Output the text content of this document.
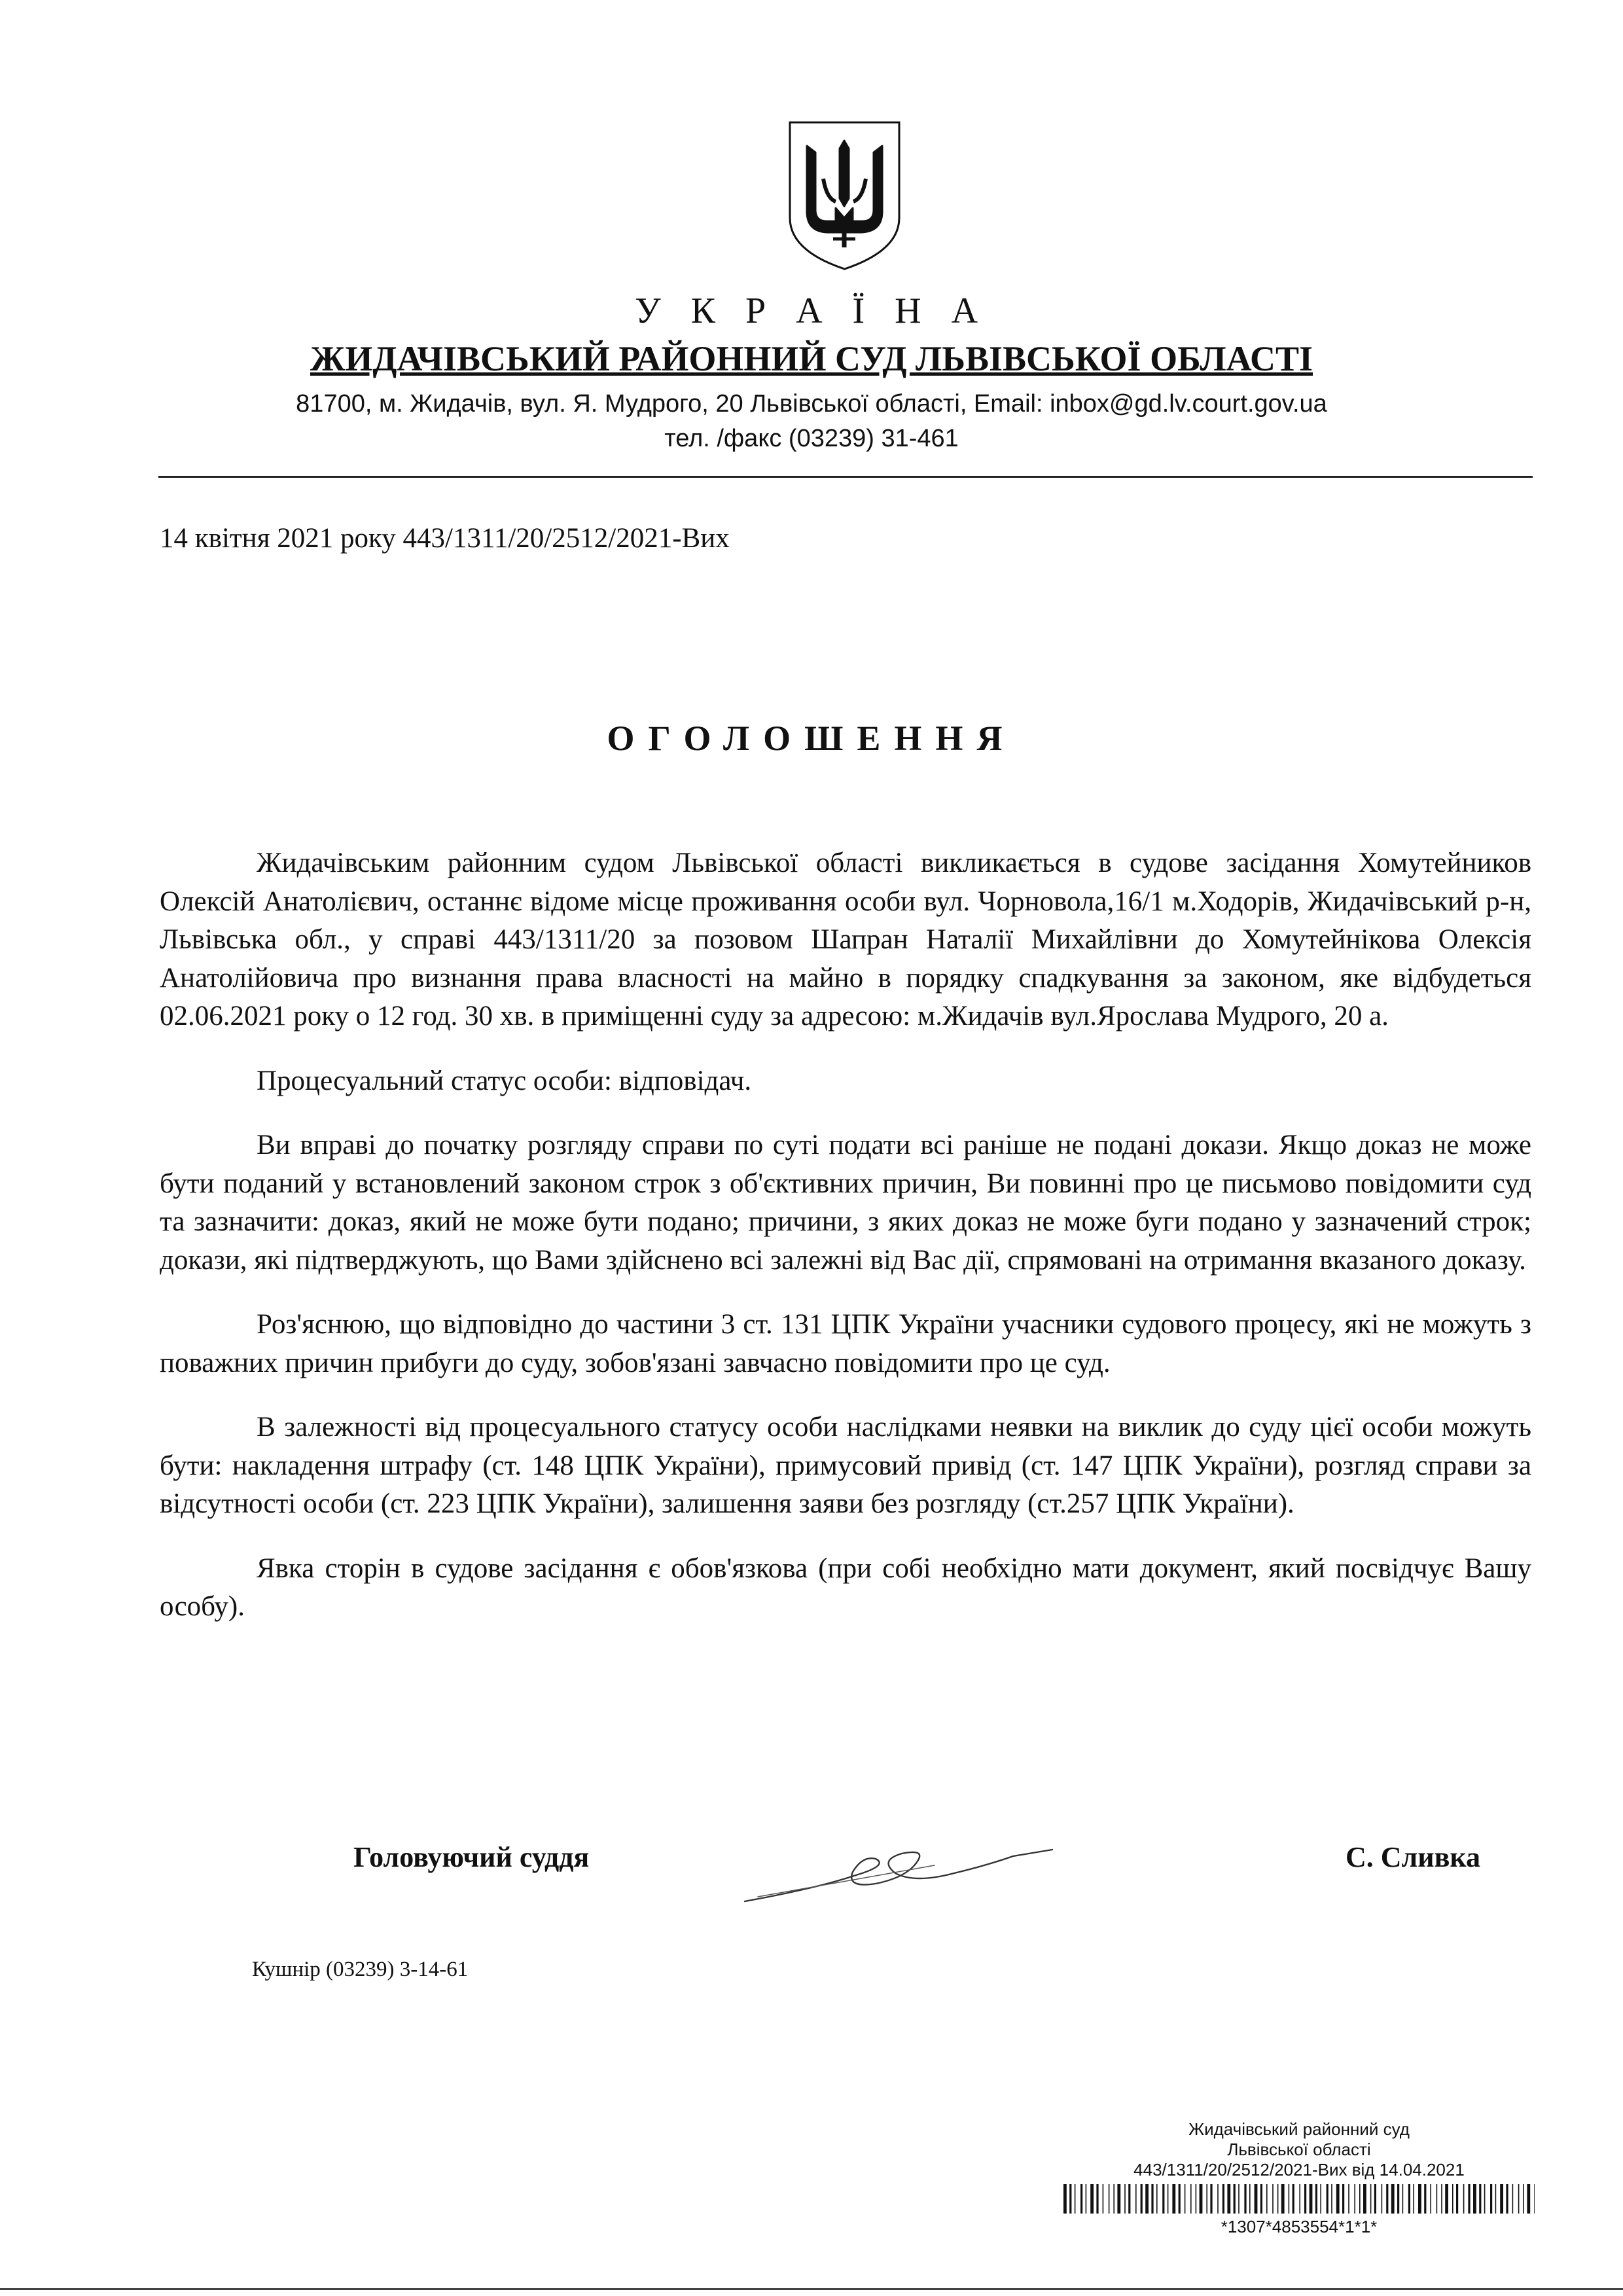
У К Р А Ї Н А
ЖИДАЧІВСЬКИЙ РАЙОННИЙ СУД ЛЬВІВСЬКОЇ ОБЛАСТІ
81700, м. Жидачів, вул. Я. Мудрого, 20 Львівської області, Email: inbox@gd.lv.court.gov.ua
тел. /факс (03239) 31-461
14 квітня 2021 року 443/1311/20/2512/2021-Вих
ОГОЛОШЕННЯ

Жидачівським районним судом Львівської області викликається в судове засідання Хомутейников Олексій Анатолієвич, останнє відоме місце проживання особи вул. Чорновола,16/1 м.Ходорів, Жидачівський р-н, Львівська обл., у справі 443/1311/20 за позовом Шапран Наталії Михайлівни до Хомутейнікова Олексія Анатолійовича про визнання права власності на майно в порядку спадкування за законом, яке відбудеться 02.06.2021 року о 12 год. 30 хв. в приміщенні суду за адресою: м.Жидачів вул.Ярослава Мудрого, 20 а.

Процесуальний статус особи: відповідач.

Ви вправі до початку розгляду справи по суті подати всі раніше не подані докази. Якщо доказ не може бути поданий у встановлений законом строк з об'єктивних причин, Ви повинні про це письмово повідомити суд та зазначити: доказ, який не може бути подано; причини, з яких доказ не може буги подано у зазначений строк; докази, які підтверджують, що Вами здійснено всі залежні від Вас дії, спрямовані на отримання вказаного доказу.

Роз'яснюю, що відповідно до частини 3 ст. 131 ЦПК України учасники судового процесу, які не можуть з поважних причин прибуги до суду, зобов'язані завчасно повідомити про це суд.

В залежності від процесуального статусу особи наслідками неявки на виклик до суду цієї особи можуть бути: накладення штрафу (ст. 148 ЦПК України), примусовий привід (ст. 147 ЦПК України), розгляд справи за відсутності особи (ст. 223 ЦПК України), залишення заяви без розгляду (ст.257 ЦПК України).

Явка сторін в судове засідання є обов'язкова (при собі необхідно мати документ, який посвідчує Вашу особу).

Головуючий суддя	С. Сливка
Кушнір (03239) 3-14-61
Жидачівський районний суд
Львівської області
443/1311/20/2512/2021-Вих від 14.04.2021
*1307*4853554*1*1*
